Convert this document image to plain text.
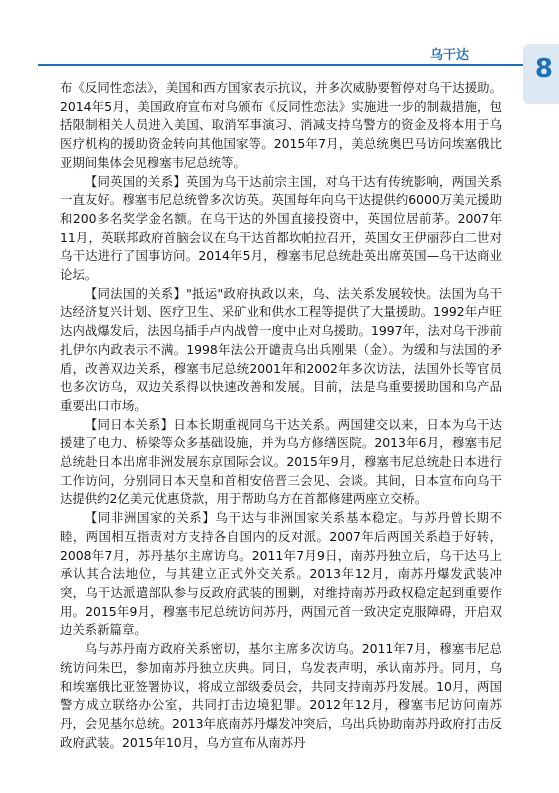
乌干达	8

布《反同性恋法》，美国和西方国家表示抗议，并多次威胁要暂停对乌干达援助。2014年5月，美国政府宣布对乌颁布《反同性恋法》实施进一步的制裁措施，包括限制相关人员进入美国、取消军事演习、消减支持乌警方的资金及将本用于乌医疗机构的援助资金转向其他国家等。2015年7月，美总统奥巴马访问埃塞俄比亚期间集体会见穆塞韦尼总统等。

【同英国的关系】英国为乌干达前宗主国，对乌干达有传统影响，两国关系一直友好。穆塞韦尼总统曾多次访英。英国每年向乌干达提供约6000万美元援助和200多名奖学金名额。在乌干达的外国直接投资中，英国位居前茅。2007年11月，英联邦政府首脑会议在乌干达首都坎帕拉召开，英国女王伊丽莎白二世对乌干达进行了国事访问。2014年5月，穆塞韦尼总统赴英出席英国—乌干达商业论坛。

【同法国的关系】"抵运"政府执政以来，乌、法关系发展较快。法国为乌干达经济复兴计划、医疗卫生、采矿业和供水工程等提供了大量援助。1992年卢旺达内战爆发后，法因乌插手卢内战曾一度中止对乌援助。1997年，法对乌干涉前扎伊尔内政表示不满。1998年法公开谴责乌出兵刚果（金）。为缓和与法国的矛盾，改善双边关系，穆塞韦尼总统2001年和2002年多次访法，法国外长等官员也多次访乌，双边关系得以快速改善和发展。目前，法是乌重要援助国和乌产品重要出口市场。

【同日本关系】日本长期重视同乌干达关系。两国建交以来，日本为乌干达援建了电力、桥梁等众多基础设施，并为乌方修缮医院。2013年6月，穆塞韦尼总统赴日本出席非洲发展东京国际会议。2015年9月，穆塞韦尼总统赴日本进行工作访问，分别同日本天皇和首相安倍晋三会见、会谈。其间，日本宣布向乌干达提供约2亿美元优惠贷款，用于帮助乌方在首都修建两座立交桥。

【同非洲国家的关系】乌干达与非洲国家关系基本稳定。与苏丹曾长期不睦，两国相互指责对方支持各自国内的反对派。2007年后两国关系趋于好转，2008年7月，苏丹基尔主席访乌。2011年7月9日，南苏丹独立后，乌干达马上承认其合法地位，与其建立正式外交关系。2013年12月，南苏丹爆发武装冲突，乌干达派遣部队参与反政府武装的围剿，对维持南苏丹政权稳定起到重要作用。2015年9月，穆塞韦尼总统访问苏丹，两国元首一致决定克服障碍，开启双边关系新篇章。

乌与苏丹南方政府关系密切，基尔主席多次访乌。2011年7月，穆塞韦尼总统访问朱巴，参加南苏丹独立庆典。同日，乌发表声明，承认南苏丹。同月，乌和埃塞俄比亚签署协议，将成立部级委员会，共同支持南苏丹发展。10月，两国警方成立联络办公室，共同打击边境犯罪。2012年12月，穆塞韦尼访问南苏丹，会见基尔总统。2013年底南苏丹爆发冲突后，乌出兵协助南苏丹政府打击反政府武装。2015年10月，乌方宣布从南苏丹
